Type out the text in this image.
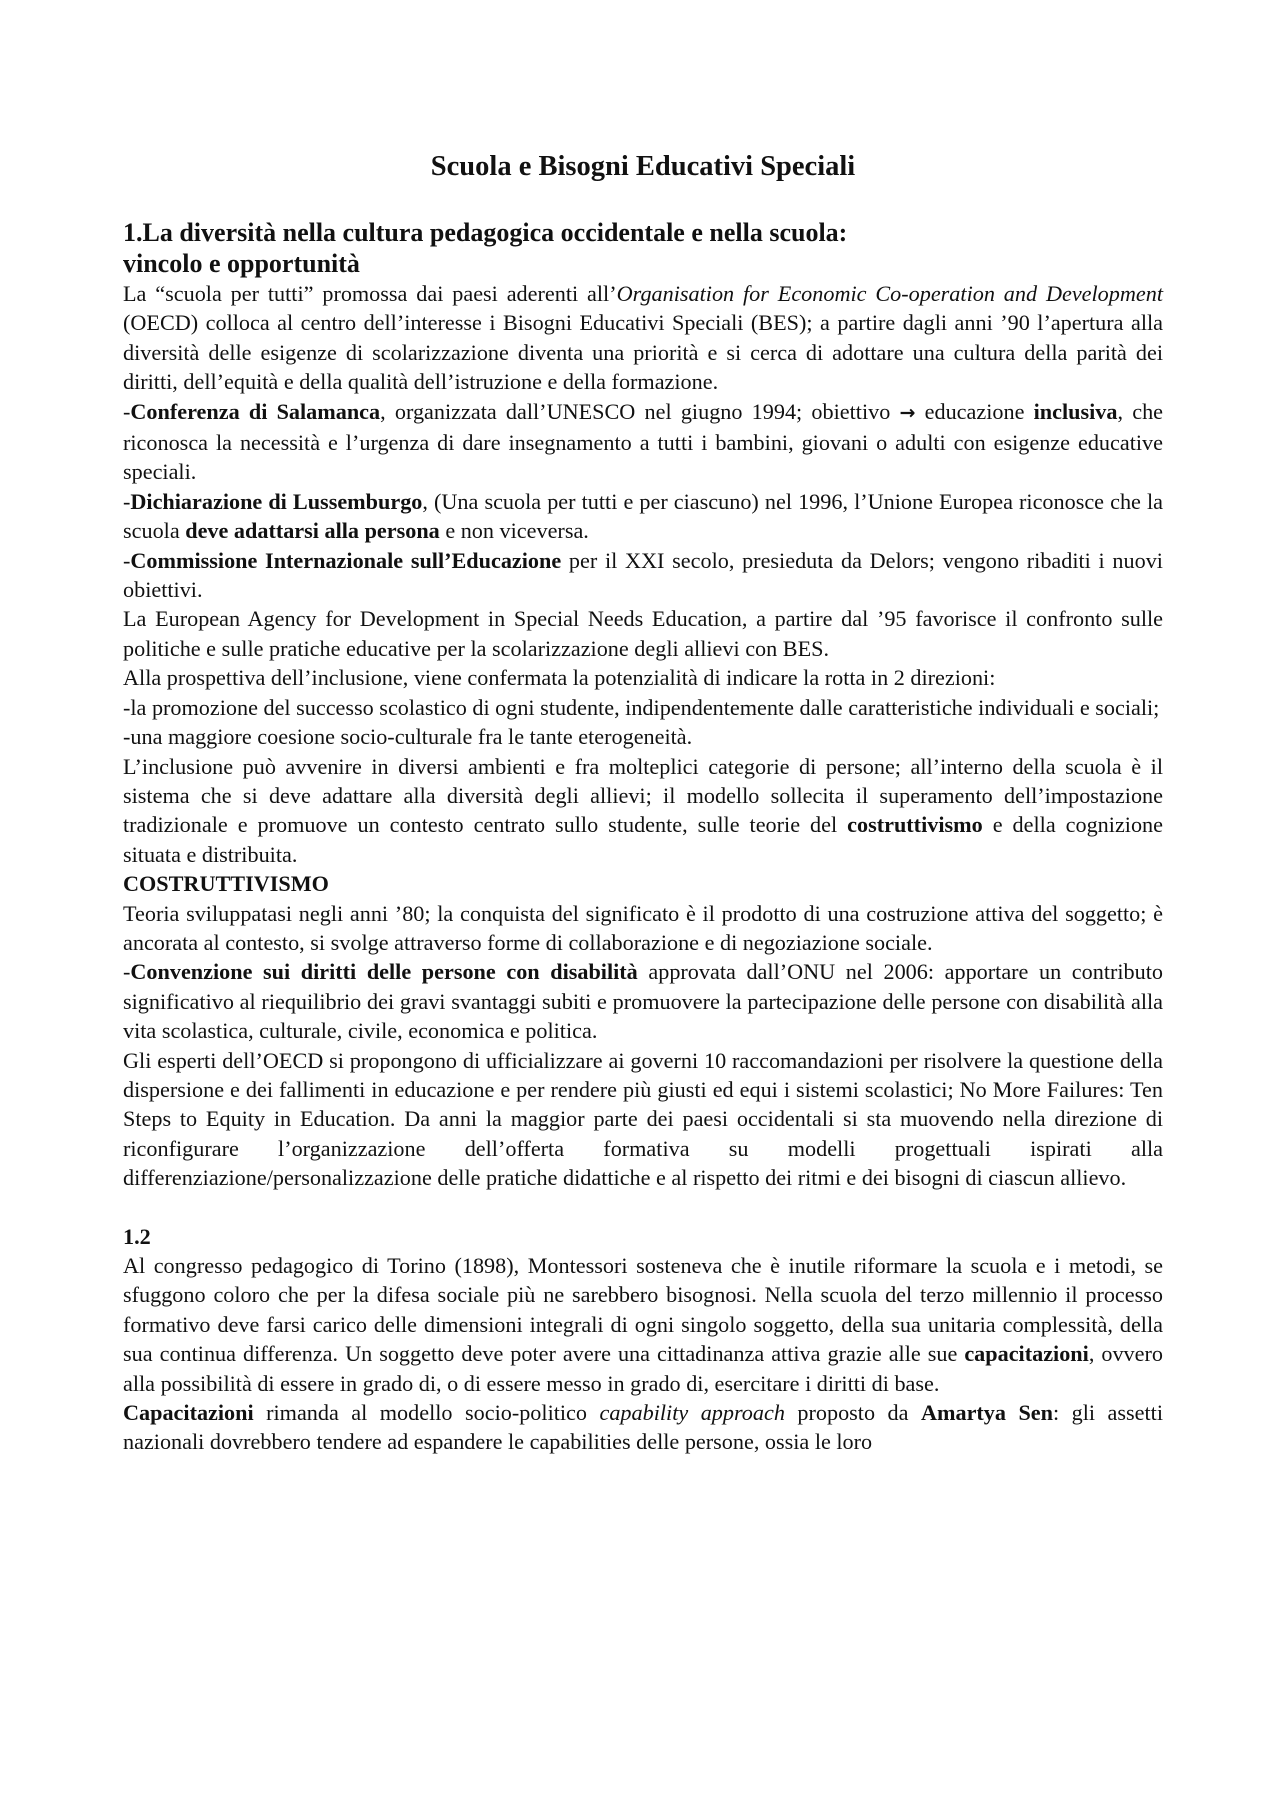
Scuola e Bisogni Educativi Speciali
1.La diversità nella cultura pedagogica occidentale e nella scuola:
vincolo e opportunità

La “scuola per tutti” promossa dai paesi aderenti all’Organisation for Economic Co-operation and Development (OECD) colloca al centro dell’interesse i Bisogni Educativi Speciali (BES); a partire dagli anni ’90 l’apertura alla diversità delle esigenze di scolarizzazione diventa una priorità e si cerca di adottare una cultura della parità dei diritti, dell’equità e della qualità dell’istruzione e della formazione.

-Conferenza di Salamanca, organizzata dall’UNESCO nel giugno 1994; obiettivo → educazione inclusiva, che riconosca la necessità e l’urgenza di dare insegnamento a tutti i bambini, giovani o adulti con esigenze educative speciali.

-Dichiarazione di Lussemburgo, (Una scuola per tutti e per ciascuno) nel 1996, l’Unione Europea riconosce che la scuola deve adattarsi alla persona e non viceversa.

-Commissione Internazionale sull’Educazione per il XXI secolo, presieduta da Delors; vengono ribaditi i nuovi obiettivi.

La European Agency for Development in Special Needs Education, a partire dal ’95 favorisce il confronto sulle politiche e sulle pratiche educative per la scolarizzazione degli allievi con BES.

Alla prospettiva dell’inclusione, viene confermata la potenzialità di indicare la rotta in 2 direzioni:

-la promozione del successo scolastico di ogni studente, indipendentemente dalle caratteristiche individuali e sociali;

-una maggiore coesione socio-culturale fra le tante eterogeneità.

L’inclusione può avvenire in diversi ambienti e fra molteplici categorie di persone; all’interno della scuola è il sistema che si deve adattare alla diversità degli allievi; il modello sollecita il superamento dell’impostazione tradizionale e promuove un contesto centrato sullo studente, sulle teorie del costruttivismo e della cognizione situata e distribuita.

COSTRUTTIVISMO

Teoria sviluppatasi negli anni ’80; la conquista del significato è il prodotto di una costruzione attiva del soggetto; è ancorata al contesto, si svolge attraverso forme di collaborazione e di negoziazione sociale.

-Convenzione sui diritti delle persone con disabilità approvata dall’ONU nel 2006: apportare un contributo significativo al riequilibrio dei gravi svantaggi subiti e promuovere la partecipazione delle persone con disabilità alla vita scolastica, culturale, civile, economica e politica.

Gli esperti dell’OECD si propongono di ufficializzare ai governi 10 raccomandazioni per risolvere la questione della dispersione e dei fallimenti in educazione e per rendere più giusti ed equi i sistemi scolastici; No More Failures: Ten Steps to Equity in Education. Da anni la maggior parte dei paesi occidentali si sta muovendo nella direzione di riconfigurare l’organizzazione dell’offerta formativa su modelli progettuali ispirati alla differenziazione/personalizzazione delle pratiche didattiche e al rispetto dei ritmi e dei bisogni di ciascun allievo.

1.2

Al congresso pedagogico di Torino (1898), Montessori sosteneva che è inutile riformare la scuola e i metodi, se sfuggono coloro che per la difesa sociale più ne sarebbero bisognosi. Nella scuola del terzo millennio il processo formativo deve farsi carico delle dimensioni integrali di ogni singolo soggetto, della sua unitaria complessità, della sua continua differenza. Un soggetto deve poter avere una cittadinanza attiva grazie alle sue capacitazioni, ovvero alla possibilità di essere in grado di, o di essere messo in grado di, esercitare i diritti di base.

Capacitazioni rimanda al modello socio-politico capability approach proposto da Amartya Sen: gli assetti nazionali dovrebbero tendere ad espandere le capabilities delle persone, ossia le loro
